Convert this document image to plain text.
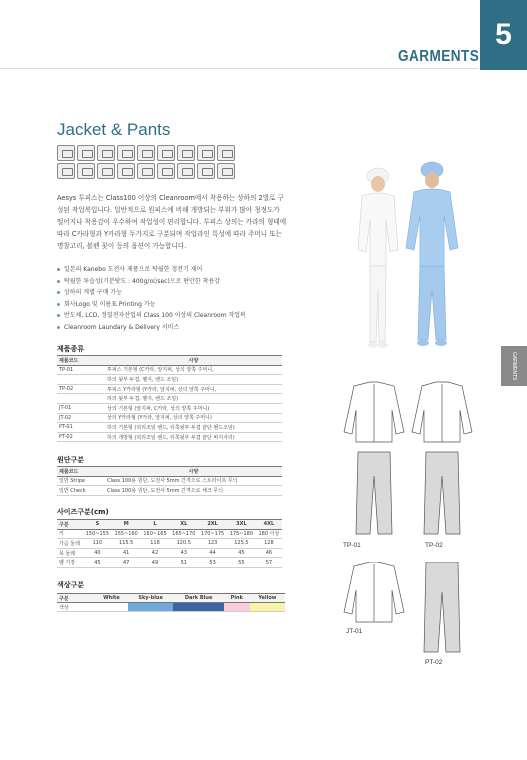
5
GARMENTS
GARMENTS
Jacket & Pants
Aesys 투피스는 Class100 이상의 Cleanroom에서 착용하는 상하의 2벌로 구성된 작업복입니다. 일반적으로 원피스에 비해 개방되는 부위가 많아 청정도가 떨어지나 착용감이 우수하여 작업성이 편리합니다. 투피스 상의는 카라의 형태에 따라 C카라형과 Y카라형 두가지로 구분되며 작업라인 특성에 따라 주머니 또는 명찰고리, 볼펜 꽂이 등의 옵션이 가능합니다.
일본의 Kanebo 도전사 제품으로 탁월한 정전기 제어
탁월한 투습성(기분탓도 : 400g/㎡/sec)으로 편안한 착용감
상하의 개별 구매 가능
회사Logo 및 이름표 Printing 가능
반도체, LCD, 정밀전자산업의 Class 100 이상의 Cleanroom 작업복
Cleanroom Laundary & Delivery 서비스
제품종류
제품코드	사양
TP-01	투피스 기본형 (C카라, 앞지퍼, 상의 양쪽 주머니,
	하의 뒷부 두겹, 벨지, 밴드 조임)
TP-02	투피스 Y카라형 (Y카라, 앞지퍼, 상의 양쪽 주머니,
	하의 뒷부 두겹, 벨지, 밴드 조임)
JT-01	상의 기본형 (앞지퍼, C카라, 상의 양쪽 주머니)
JT-02	상의 Y카라형 (Y카라, 앞지퍼, 상의 양쪽 주머니)
PT-01	하의 기본형 (허리조임 밴드, 뒤쪽뒷부 두겹 끝단 밴드조임)
PT-02	하의 개방형 (허리조임 밴드, 뒤쪽뒷부 두겹 끝단 바지자리)
원단구분
제품코드	사양
일반 Stripe	Class 100용 원단, 도전사 5mm 간격으로 스트라이프 무늬
일반 Check	Class 100용 원단, 도전사 5mm 간격으로 체크 무늬
사이즈구분(cm)
구분	S	M	L	XL	2XL	3XL	4XL
키	150~155	155~160	160~165	165~170	170~175	175~180	180 이상
가슴 둘레	110	115.5	118	120.5	123	125.5	128
목 둘레	40	41	42	43	44	45	46
벨 기장	45	47	49	51	53	55	57
색상구분
구분	White	Sky-blue	Dark Blue	Pink	Yellow
색상					
TP-01	TP-02
JT-01
PT-02
